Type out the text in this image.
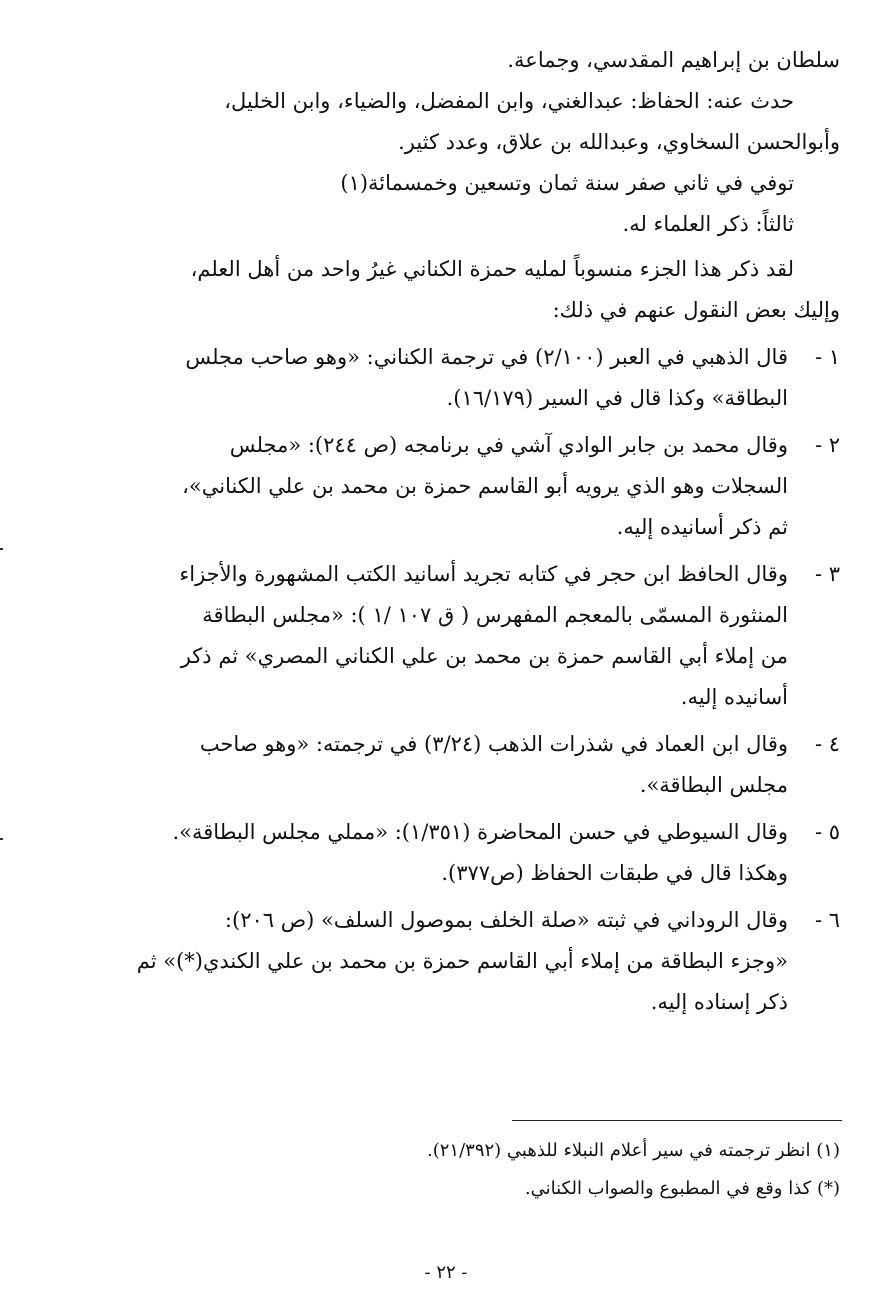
سلطان بن إبراهيم المقدسي، وجماعة.
حدث عنه: الحفاظ: عبدالغني، وابن المفضل، والضياء، وابن الخليل،
وأبوالحسن السخاوي، وعبدالله بن علاق، وعدد كثير.
توفي في ثاني صفر سنة ثمان وتسعين وخمسمائة(١)
ثالثاً: ذكر العلماء له.
لقد ذكر هذا الجزء منسوباً لمليه حمزة الكناني غيرُ واحد من أهل العلم،
وإليك بعض النقول عنهم في ذلك:
١ -
قال الذهبي في العبر (٢/١٠٠) في ترجمة الكناني: «وهو صاحب مجلس
البطاقة» وكذا قال في السير (١٦/١٧٩).
٢ -
وقال محمد بن جابر الوادي آشي في برنامجه (ص ٢٤٤): «مجلس
السجلات وهو الذي يرويه أبو القاسم حمزة بن محمد بن علي الكناني»،
ثم ذكر أسانيده إليه.
٣ -
وقال الحافظ ابن حجر في كتابه تجريد أسانيد الكتب المشهورة والأجزاء
المنثورة المسمّى بالمعجم المفهرس ( ق ١٠٧ /١ ): «مجلس البطاقة
من إملاء أبي القاسم حمزة بن محمد بن علي الكناني المصري» ثم ذكر
أسانيده إليه.
٤ -
وقال ابن العماد في شذرات الذهب (٣/٢٤) في ترجمته: «وهو صاحب
مجلس البطاقة».
٥ -
وقال السيوطي في حسن المحاضرة (١/٣٥١): «مملي مجلس البطاقة».
وهكذا قال في طبقات الحفاظ (ص٣٧٧).
٦ -
وقال الروداني في ثبته «صلة الخلف بموصول السلف» (ص ٢٠٦):
«وجزء البطاقة من إملاء أبي القاسم حمزة بن محمد بن علي الكندي(*)» ثم
ذكر إسناده إليه.
(١) انظر ترجمته في سير أعلام النبلاء للذهبي (٢١/٣٩٢).
(*) كذا وقع في المطبوع والصواب الكناني.
- ٢٢ -
